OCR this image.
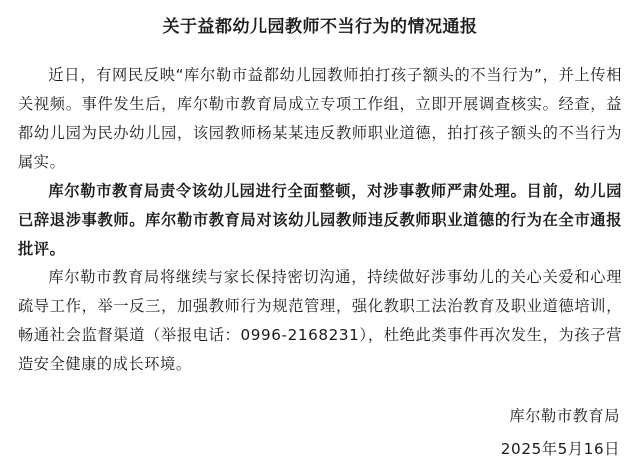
关于益都幼儿园教师不当行为的情况通报

近日，有网民反映“库尔勒市益都幼儿园教师拍打孩子额头的不当行为”，并上传相关视频。事件发生后，库尔勒市教育局成立专项工作组，立即开展调查核实。经查，益都幼儿园为民办幼儿园，该园教师杨某某违反教师职业道德，拍打孩子额头的不当行为属实。

库尔勒市教育局责令该幼儿园进行全面整顿，对涉事教师严肃处理。目前，幼儿园已辞退涉事教师。库尔勒市教育局对该幼儿园教师违反教师职业道德的行为在全市通报批评。

库尔勒市教育局将继续与家长保持密切沟通，持续做好涉事幼儿的关心关爱和心理疏导工作，举一反三，加强教师行为规范管理，强化教职工法治教育及职业道德培训，畅通社会监督渠道（举报电话：0996-2168231），杜绝此类事件再次发生，为孩子营造安全健康的成长环境。

库尔勒市教育局

2025年5月16日
